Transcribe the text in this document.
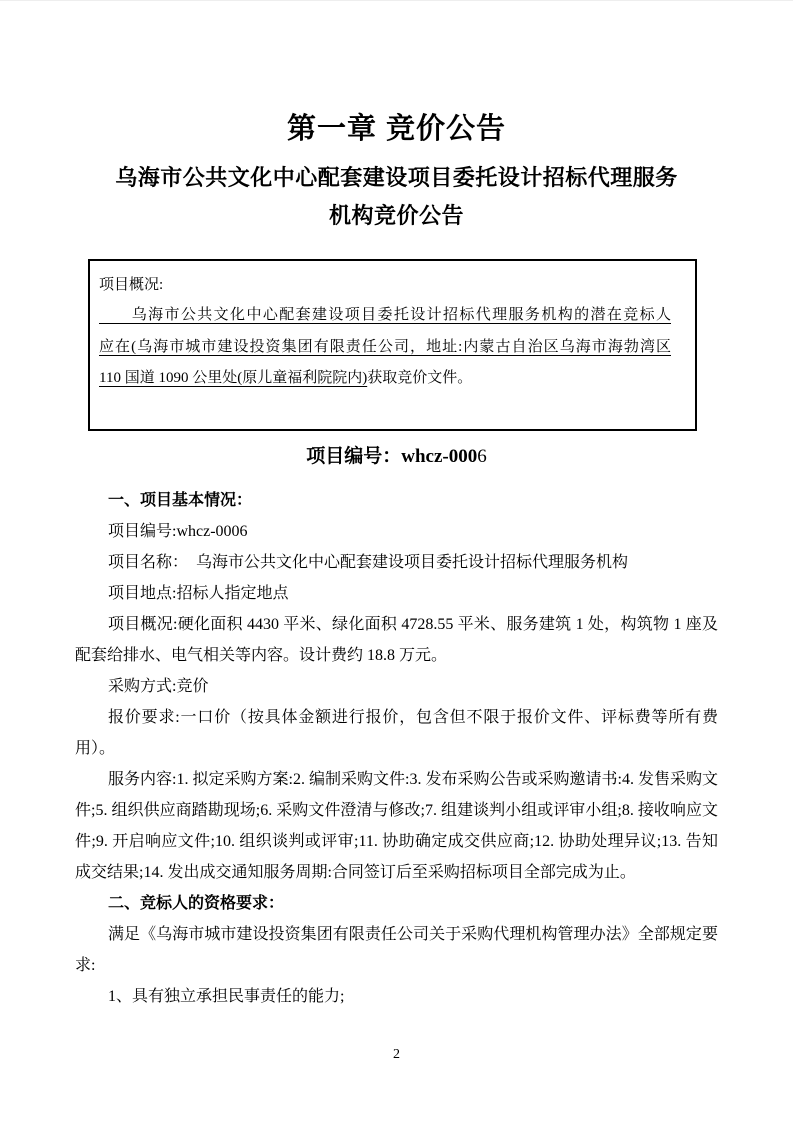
第一章 竞价公告
乌海市公共文化中心配套建设项目委托设计招标代理服务
机构竞价公告

项目概况:

　　乌海市公共文化中心配套建设项目委托设计招标代理服务机构的潜在竞标人
应在(乌海市城市建设投资集团有限责任公司，地址:内蒙古自治区乌海市海勃湾区
110 国道 1090 公里处(原儿童福利院院内)获取竞价文件。
项目编号：whcz-0006

一、项目基本情况：

项目编号:whcz-0006

项目名称：　乌海市公共文化中心配套建设项目委托设计招标代理服务机构

项目地点:招标人指定地点

项目概况:硬化面积 4430 平米、绿化面积 4728.55 平米、服务建筑 1 处，构筑物 1 座及配套给排水、电气相关等内容。设计费约 18.8 万元。

采购方式:竞价

报价要求:一口价（按具体金额进行报价，包含但不限于报价文件、评标费等所有费用）。

服务内容:1. 拟定采购方案:2. 编制采购文件:3. 发布采购公告或采购邀请书:4. 发售采购文件;5. 组织供应商踏勘现场;6. 采购文件澄清与修改;7. 组建谈判小组或评审小组;8. 接收响应文件;9. 开启响应文件;10. 组织谈判或评审;11. 协助确定成交供应商;12. 协助处理异议;13. 告知成交结果;14. 发出成交通知服务周期:合同签订后至采购招标项目全部完成为止。

二、竞标人的资格要求：

满足《乌海市城市建设投资集团有限责任公司关于采购代理机构管理办法》全部规定要求:

1、具有独立承担民事责任的能力;

2
